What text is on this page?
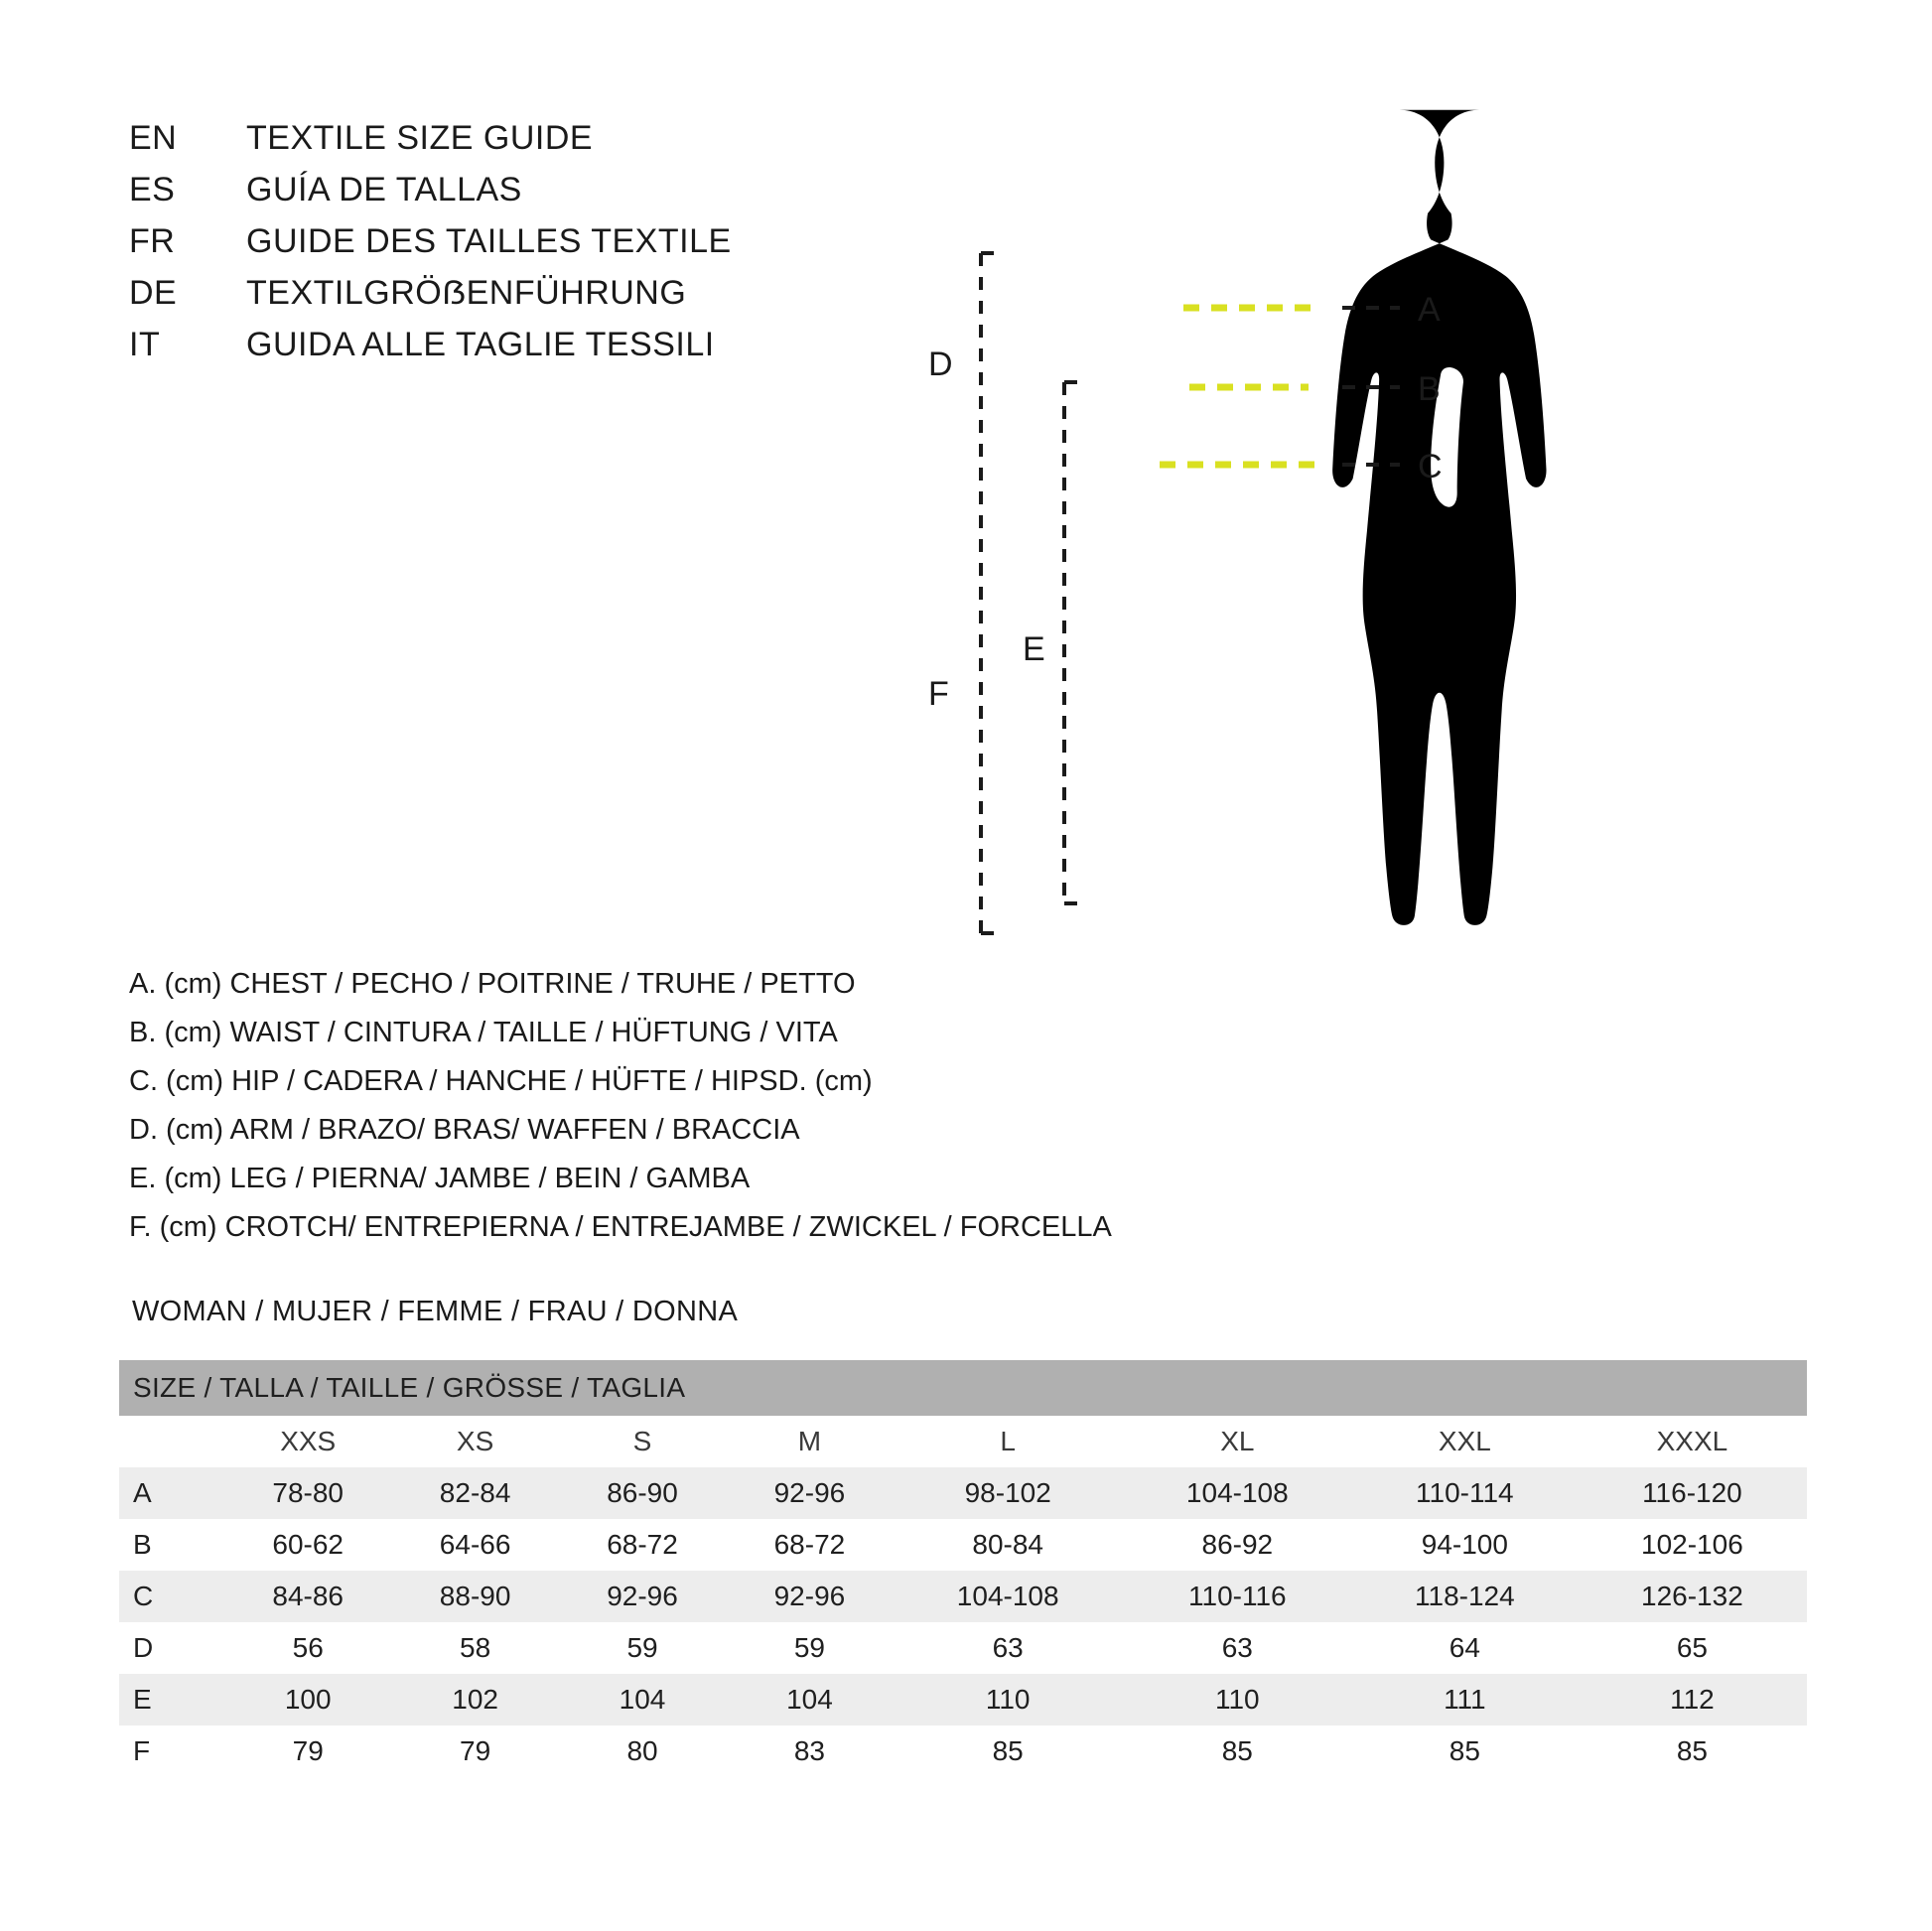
EN	TEXTILE SIZE GUIDE
ES	GUÍA DE TALLAS
FR	GUIDE DES TAILLES TEXTILE
DE	TEXTILGRÖẞENFÜHRUNG
IT	GUIDA ALLE TAGLIE TESSILI
A
B
C
F
D
E
A. (cm) CHEST / PECHO / POITRINE / TRUHE / PETTO
B. (cm) WAIST / CINTURA / TAILLE / HÜFTUNG / VITA
C. (cm) HIP / CADERA / HANCHE / HÜFTE / HIPSD. (cm)
D. (cm) ARM / BRAZO/ BRAS/ WAFFEN / BRACCIA
E. (cm) LEG / PIERNA/ JAMBE / BEIN / GAMBA
F. (cm) CROTCH/ ENTREPIERNA / ENTREJAMBE / ZWICKEL / FORCELLA
WOMAN / MUJER / FEMME / FRAU / DONNA
SIZE / TALLA / TAILLE / GRÖSSE / TAGLIA								
	XXS	XS	S	M	L	XL	XXL	XXXL
A	78-80	82-84	86-90	92-96	98-102	104-108	110-114	116-120
B	60-62	64-66	68-72	68-72	80-84	86-92	94-100	102-106
C	84-86	88-90	92-96	92-96	104-108	110-116	118-124	126-132
D	56	58	59	59	63	63	64	65
E	100	102	104	104	110	110	111	112
F	79	79	80	83	85	85	85	85
